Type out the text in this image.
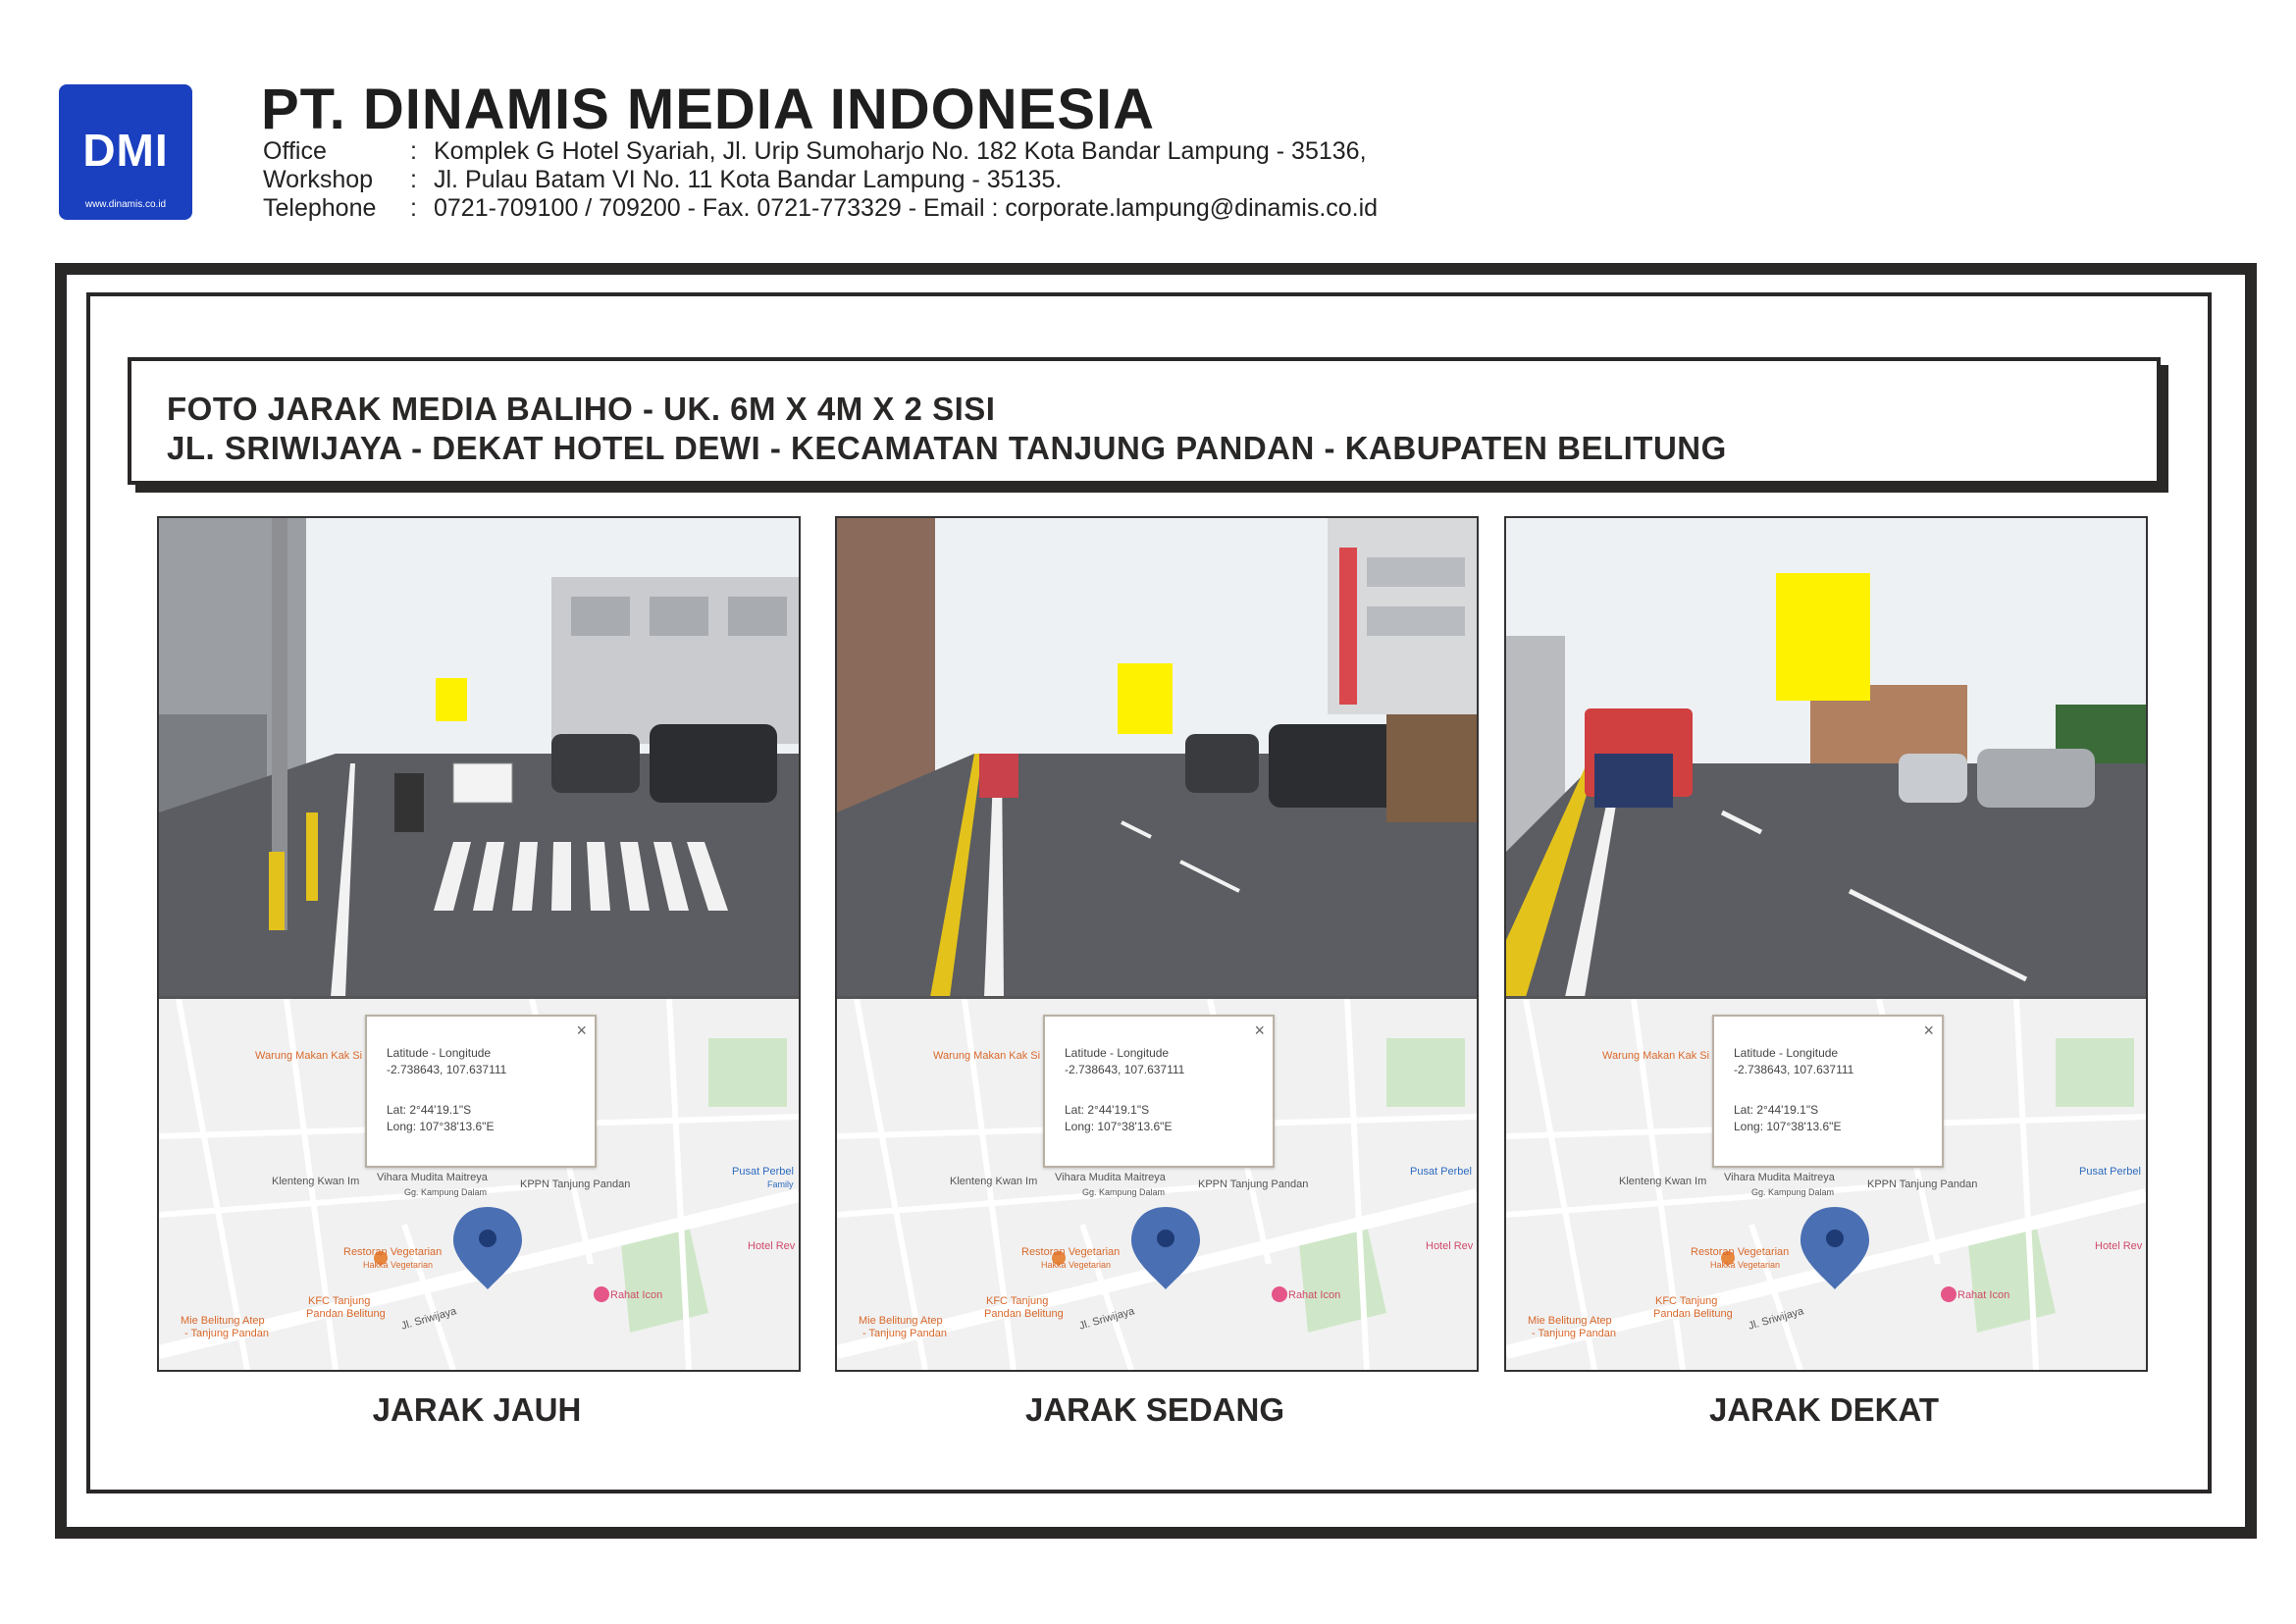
DMI
www.dinamis.co.id
PT. DINAMIS MEDIA INDONESIA
Office	: Komplek G Hotel Syariah, Jl. Urip Sumoharjo No. 182 Kota Bandar Lampung - 35136,
Workshop	: Jl. Pulau Batam VI No. 11 Kota Bandar Lampung - 35135.
Telephone	: 0721-709100 / 709200 - Fax. 0721-773329 - Email : corporate.lampung@dinamis.co.id
FOTO JARAK MEDIA BALIHO - UK. 6M X 4M X 2 SISI
JL. SRIWIJAYA - DEKAT HOTEL DEWI - KECAMATAN TANJUNG PANDAN - KABUPATEN BELITUNG
Warung Makan Kak Si
Klenteng Kwan Im Vihara Mudita Maitreya
KPPN Tanjung Pandan
Pusat Perbel
Family
Restoran Vegetarian
Hakka Vegetarian
Hotel Rev
Rahat Icon
KFC Tanjung
Pandan Belitung
Mie Belitung Atep
- Tanjung Pandan
Jl. Sriwijaya
Gg. Kampung Dalam
×
Latitude - Longitude
-2.738643, 107.637111
Lat: 2°44'19.1"S
Long: 107°38'13.6"E
Warung Makan Kak Si
Klenteng Kwan Im Vihara Mudita Maitreya
KPPN Tanjung Pandan
Pusat Perbel
Restoran Vegetarian
Hakka Vegetarian
Hotel Rev
Rahat Icon
KFC Tanjung
Pandan Belitung
Mie Belitung Atep
- Tanjung Pandan
Jl. Sriwijaya
Gg. Kampung Dalam
×
Latitude - Longitude
-2.738643, 107.637111
Lat: 2°44'19.1"S
Long: 107°38'13.6"E
Warung Makan Kak Si
Klenteng Kwan Im Vihara Mudita Maitreya
KPPN Tanjung Pandan
Pusat Perbel
Restoran Vegetarian
Hakka Vegetarian
Hotel Rev
Rahat Icon
KFC Tanjung
Pandan Belitung
Mie Belitung Atep
- Tanjung Pandan
Jl. Sriwijaya
Gg. Kampung Dalam
×
Latitude - Longitude
-2.738643, 107.637111
Lat: 2°44'19.1"S
Long: 107°38'13.6"E
JARAK JAUH	JARAK SEDANG	JARAK DEKAT
